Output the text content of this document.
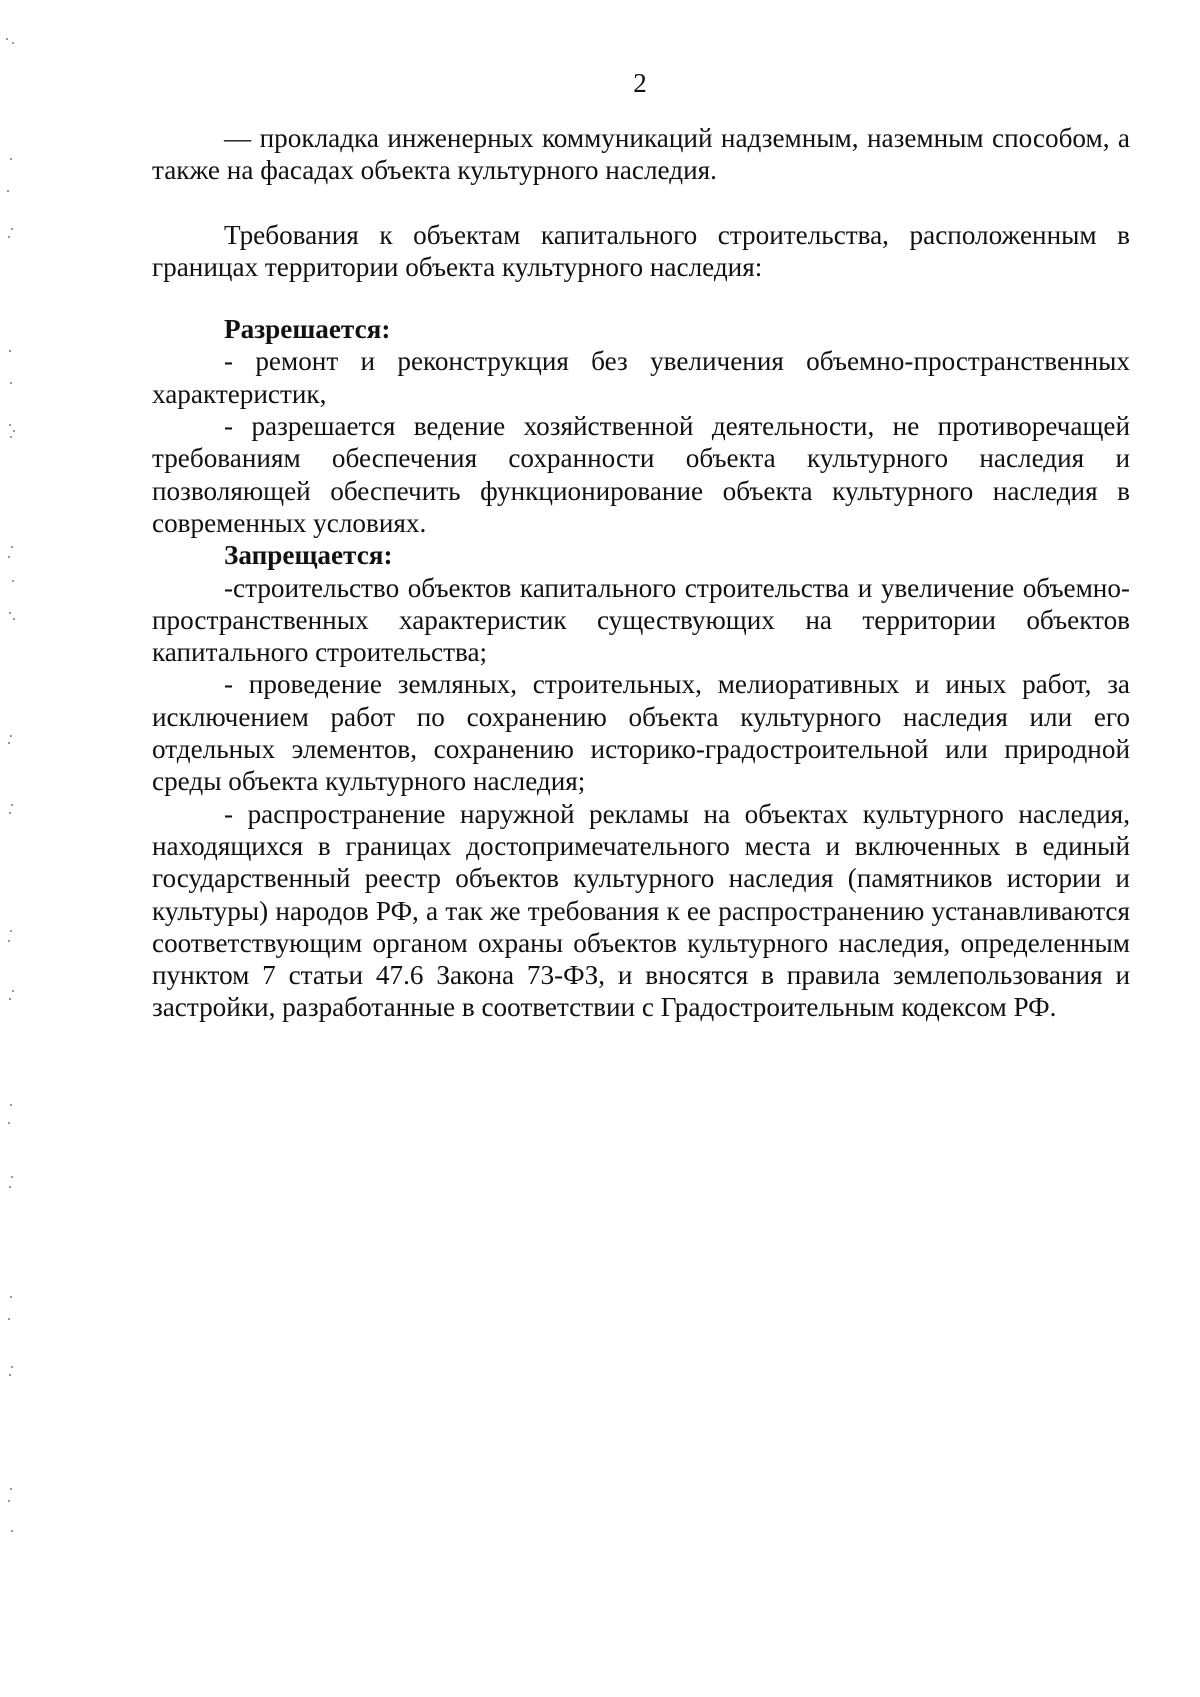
2

— прокладка инженерных коммуникаций надземным, наземным способом, а также на фасадах объекта культурного наследия.

Требования к объектам капитального строительства, расположенным в границах территории объекта культурного наследия:

Разрешается:

- ремонт и реконструкция без увеличения объемно-пространственных характеристик,

- разрешается ведение хозяйственной деятельности, не противоречащей требованиям обеспечения сохранности объекта культурного наследия и позволяющей обеспечить функционирование объекта культурного наследия в современных условиях.

Запрещается:

-строительство объектов капитального строительства и увеличение объемно-пространственных характеристик существующих на территории объектов капитального строительства;

- проведение земляных, строительных, мелиоративных и иных работ, за исключением работ по сохранению объекта культурного наследия или его отдельных элементов, сохранению историко-градостроительной или природной среды объекта культурного наследия;

- распространение наружной рекламы на объектах культурного наследия, находящихся в границах достопримечательного места и включенных в единый государственный реестр объектов культурного наследия (памятников истории и культуры) народов РФ, а так же требования к ее распространению устанавливаются соответствующим органом охраны объектов культурного наследия, определенным пунктом 7 статьи 47.6 Закона 73-ФЗ, и вносятся в правила землепользования и застройки, разработанные в соответствии с Градостроительным кодексом РФ.
